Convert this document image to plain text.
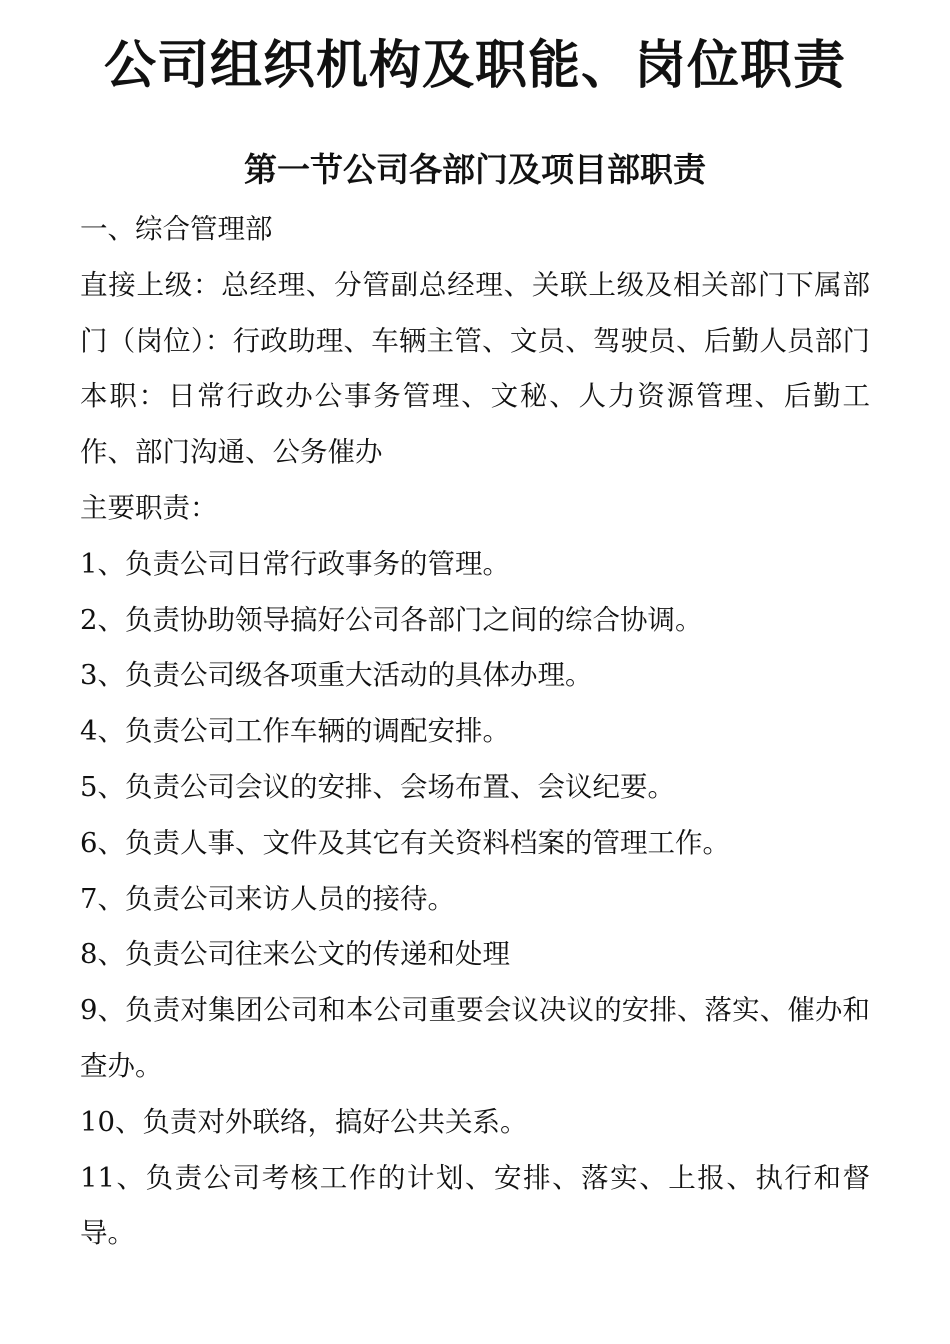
公司组织机构及职能、岗位职责
第一节公司各部门及项目部职责

一、综合管理部

直接上级：总经理、分管副总经理、关联上级及相关部门下属部门（岗位）：行政助理、车辆主管、文员、驾驶员、后勤人员部门本职：日常行政办公事务管理、文秘、人力资源管理、后勤工作、部门沟通、公务催办

主要职责：

1、负责公司日常行政事务的管理。

2、负责协助领导搞好公司各部门之间的综合协调。

3、负责公司级各项重大活动的具体办理。

4、负责公司工作车辆的调配安排。

5、负责公司会议的安排、会场布置、会议纪要。

6、负责人事、文件及其它有关资料档案的管理工作。

7、负责公司来访人员的接待。

8、负责公司往来公文的传递和处理

9、负责对集团公司和本公司重要会议决议的安排、落实、催办和查办。

10、负责对外联络，搞好公共关系。

11、负责公司考核工作的计划、安排、落实、上报、执行和督导。
